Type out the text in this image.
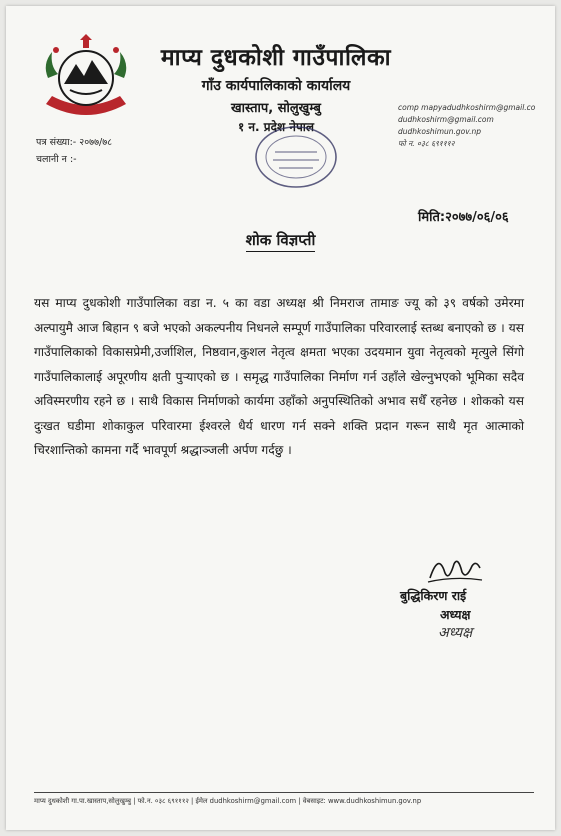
माप्य दुधकोशी गाउँपालिका
गाँउ कार्यपालिकाको कार्यालय
खास्ताप, सोलुखुम्बु
१ न. प्रदेश नेपाल
comp mapyadudhkoshirm@gmail.co
dudhkoshirm@gmail.com
dudhkoshimun.gov.np
फो न. ०३८ ६९१११२
पत्र संख्या:- २०७७/७८
चलानी न :-
मिति:२०७७/०६/०६
शोक विज्ञप्ती
यस माप्य दुधकोशी गाउँपालिका वडा न. ५ का वडा अध्यक्ष श्री निमराज तामाङ ज्यू को ३९ वर्षको उमेरमा अल्पायुमै आज बिहान ९ बजे भएको अकल्पनीय निधनले सम्पूर्ण गाउँपालिका परिवारलाई स्तब्ध बनाएको छ । यस गाउँपालिकाको विकासप्रेमी,उर्जाशिल, निष्ठवान,कुशल नेतृत्व क्षमता भएका उदयमान युवा नेतृत्वको मृत्युले सिंगो गाउँपालिकालाई अपूरणीय क्षती पुऱ्याएको छ । समृद्ध गाउँपालिका निर्माण गर्न उहाँले खेल्नुभएको भूमिका सदैव अविस्मरणीय रहने छ । साथै विकास निर्माणको कार्यमा उहाँको अनुपस्थितिको अभाव सधैँ रहनेछ । शोकको यस दुःखत घडीमा शोकाकुल परिवारमा ईश्वरले धैर्य धारण गर्न सक्ने शक्ति प्रदान गरून साथै मृत आत्माको चिरशान्तिको कामना गर्दै भावपूर्ण श्रद्धाञ्जली अर्पण गर्दछु ।
बुद्धिकिरण राई
अध्यक्ष
अध्यक्ष
माप्य दुधकोशी गा.पा.खास्ताप,सोलुखुम्बु | फो.न. ०३८ ६९१११२ | ईमेल dudhkoshirm@gmail.com | वेबसाइट: www.dudhkoshimun.gov.np
